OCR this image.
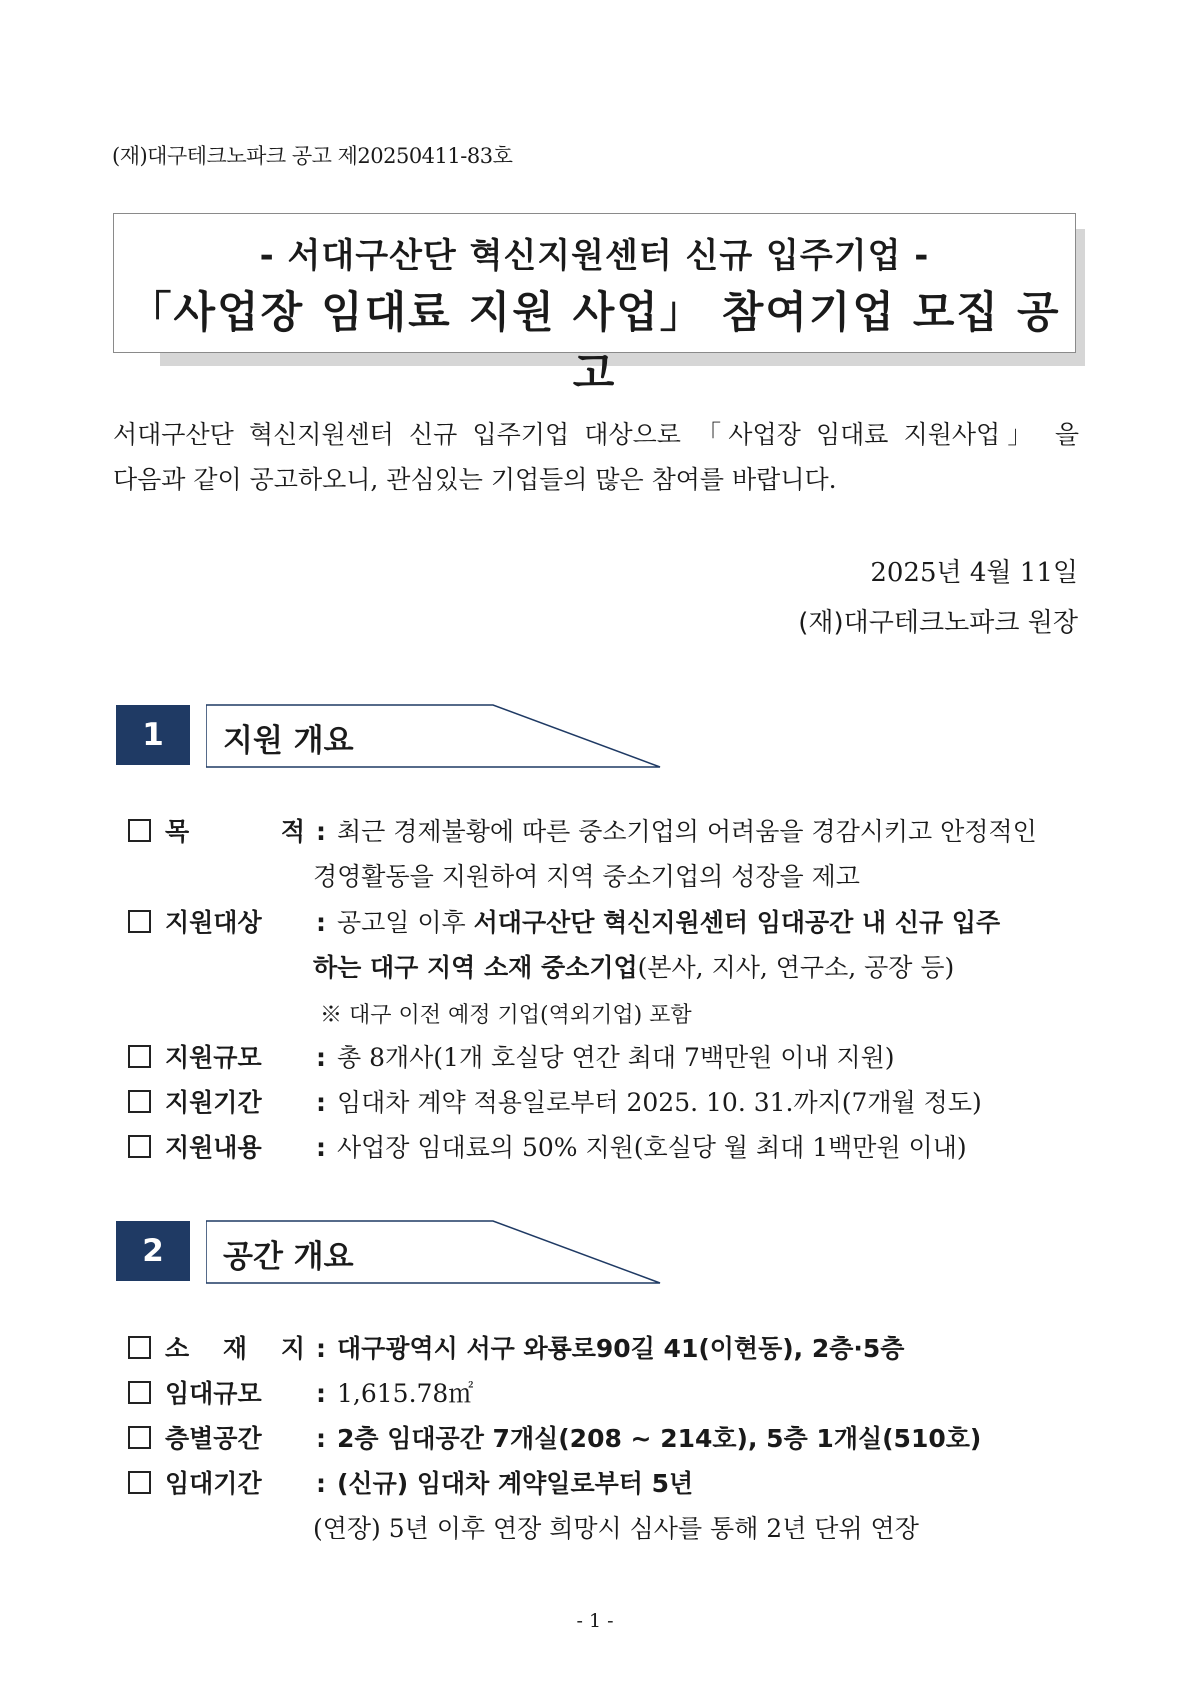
(재)대구테크노파크 공고 제20250411-83호
- 서대구산단 혁신지원센터 신규 입주기업 -
「사업장 임대료 지원 사업」 참여기업 모집 공고
서대구산단 혁신지원센터 신규 입주기업 대상으로 「사업장 임대료 지원사업」 을
다음과 같이 공고하오니, 관심있는 기업들의 많은 참여를 바랍니다.
2025년 4월 11일
(재)대구테크노파크 원장
1	지원 개요
목	적 : 최근 경제불황에 따른 중소기업의 어려움을 경감시키고 안정적인
경영활동을 지원하여 지역 중소기업의 성장을 제고
지원대상 : 공고일 이후 서대구산단 혁신지원센터 임대공간 내 신규 입주
하는 대구 지역 소재 중소기업(본사, 지사, 연구소, 공장 등)
※ 대구 이전 예정 기업(역외기업) 포함
지원규모 : 총 8개사(1개 호실당 연간 최대 7백만원 이내 지원)
지원기간 : 임대차 계약 적용일로부터 2025. 10. 31.까지(7개월 정도)
지원내용 : 사업장 임대료의 50% 지원(호실당 월 최대 1백만원 이내)
2	공간 개요
소 재 지 : 대구광역시 서구 와룡로90길 41(이현동), 2층·5층
임대규모 : 1,615.78㎡
층별공간 : 2층 임대공간 7개실(208 ~ 214호), 5층 1개실(510호)
임대기간 : (신규) 임대차 계약일로부터 5년
(연장) 5년 이후 연장 희망시 심사를 통해 2년 단위 연장
- 1 -
